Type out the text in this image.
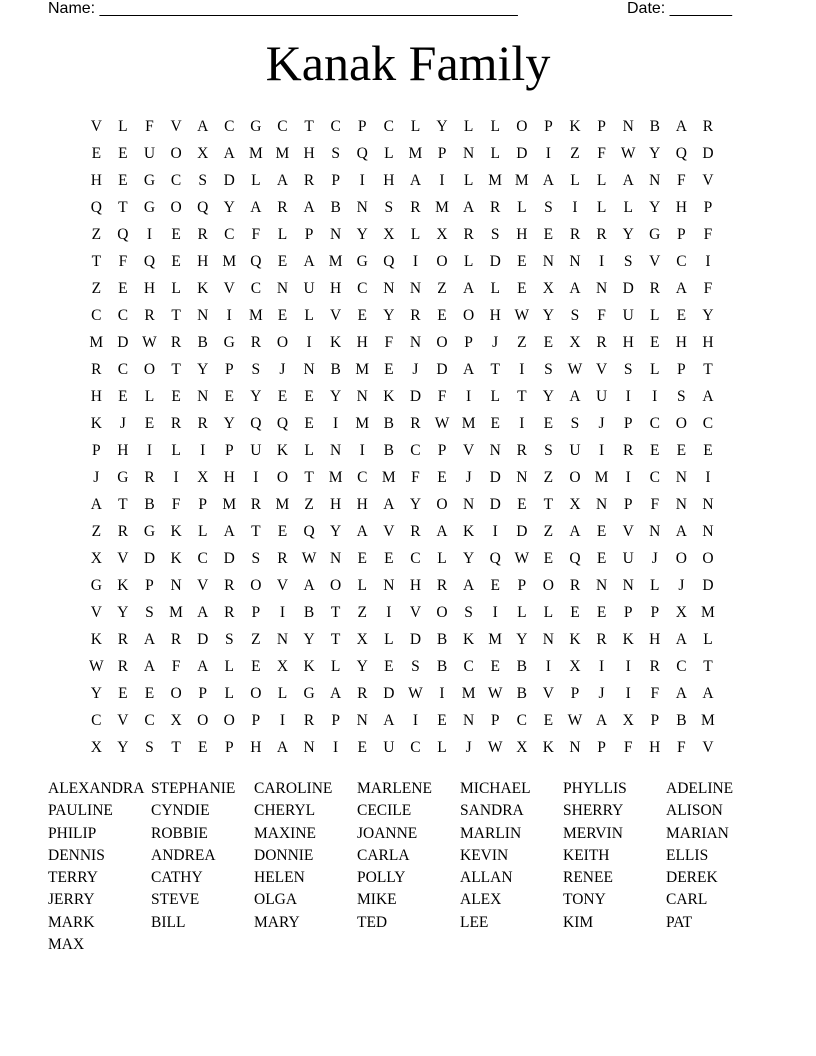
Name: _______________________________________________	Date: _______
Kanak Family
V	L	F	V A	C	G	C	T	C	P	C	L	Y	L	L	O	P	K	P	N	B	A	R
E	E	U O X A M M H	S	Q	L M P	N	L	D	I	Z	F W Y Q D
H	E	G	C	S	D	L	A	R	P	I	H A	I	L M M A	L	L	A N	F	V
Q	T	G O Q Y A	R	A	B	N	S	R M A	R	L	S	I	L	L	Y H	P
Z	Q	I	E	R	C	F	L	P	N Y X	L	X	R	S	H	E	R	R	Y G	P	F
T	F	Q	E	H M Q	E	A M G Q	I	O	L	D	E	N N	I	S	V	C	I
Z	E	H	L	K V	C	N U H	C	N N	Z	A	L	E	X A N D	R	A	F
C	C	R	T	N	I	M E	L	V	E	Y	R	E	O H W Y	S	F	U	L	E	Y
M D W R	B	G	R	O	I	K H	F	N O	P	J	Z	E	X	R	H	E	H H
R	C	O	T	Y	P	S	J	N	B M E	J	D A	T	I	S W V	S	L	P	T
H	E	L	E	N	E	Y	E	E	Y N K D	F	I	L	T	Y A U	I	I	S	A
K	J	E	R	R	Y Q Q	E	I	M B	R W M E	I	E	S	J	P	C	O	C
P	H	I	L	I	P	U K	L	N	I	B	C	P	V N	R	S	U	I	R	E	E	E
J	G	R	I	X H	I	O	T M C M F	E	J	D N	Z	O M	I	C	N	I
A	T	B	F	P M R M Z	H H A Y O N D	E	T	X N	P	F	N N
Z	R	G K	L	A	T	E	Q Y A V	R	A K	I	D	Z	A	E	V N A N
X V D K	C	D	S	R W N	E	E	C	L	Y Q W E	Q	E	U	J	O O
G K	P	N V	R	O V A O	L	N H	R	A	E	P	O	R	N N	L	J	D
V Y	S M A	R	P	I	B	T	Z	I	V O	S	I	L	L	E	E	P	P	X M
K	R	A	R	D	S	Z	N Y	T	X	L	D	B	K M Y N K	R	K H A	L
W R	A	F	A	L	E	X K	L	Y	E	S	B	C	E	B	I	X	I	I	R	C	T
Y	E	E	O	P	L	O	L	G A	R	D W	I	M W B	V	P	J	I	F	A A
C	V	C	X O O	P	I	R	P	N A	I	E	N	P	C	E W A X	P	B M
X Y	S	T	E	P	H A N	I	E	U	C	L	J	W X K N	P	F	H	F	V
ALEXANDRA STEPHANIE	CAROLINE	MARLENE	MICHAEL	PHYLLIS	ADELINE
PAULINE	CYNDIE	CHERYL	CECILE	SANDRA	SHERRY	ALISON
PHILIP	ROBBIE	MAXINE	JOANNE	MARLIN	MERVIN	MARIAN
DENNIS	ANDREA	DONNIE	CARLA	KEVIN	KEITH	ELLIS
TERRY	CATHY	HELEN	POLLY	ALLAN	RENEE	DEREK
JERRY	STEVE	OLGA	MIKE	ALEX	TONY	CARL
MARK	BILL	MARY	TED	LEE	KIM	PAT
MAX
